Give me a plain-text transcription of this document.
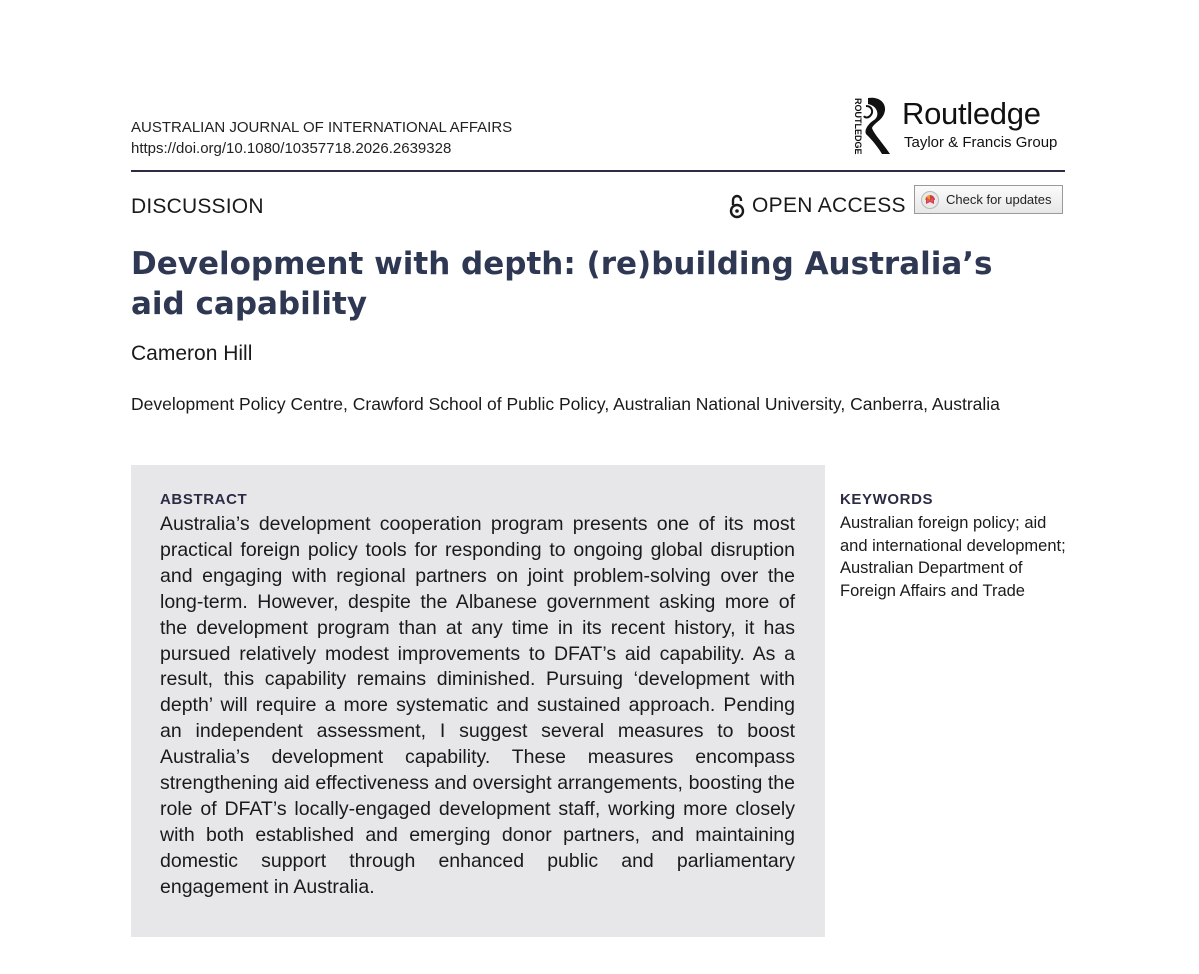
AUSTRALIAN JOURNAL OF INTERNATIONAL AFFAIRS
https://doi.org/10.1080/10357718.2026.2639328	ROUTLEDGE Routledge
Taylor & Francis Group
DISCUSSION	OPEN ACCESS	Check for updates
Development with depth: (re)building Australia’s aid capability
Cameron Hill
Development Policy Centre, Crawford School of Public Policy, Australian National University, Canberra, Australia
ABSTRACT

Australia’s development cooperation program presents one of its most practical foreign policy tools for responding to ongoing global disruption and engaging with regional partners on joint problem-solving over the long-term. However, despite the Albanese government asking more of the development program than at any time in its recent history, it has pursued relatively modest improvements to DFAT’s aid capability. As a result, this capability remains diminished. Pursuing ‘development with depth’ will require a more systematic and sustained approach. Pending an independent assessment, I suggest several measures to boost Australia’s development capability. These measures encompass strengthening aid effectiveness and oversight arrangements, boosting the role of DFAT’s locally-engaged development staff, working more closely with both established and emerging donor partners, and maintaining domestic support through enhanced public and parliamentary engagement in Australia.

KEYWORDS

Australian foreign policy; aid and international development; Australian Department of Foreign Affairs and Trade
